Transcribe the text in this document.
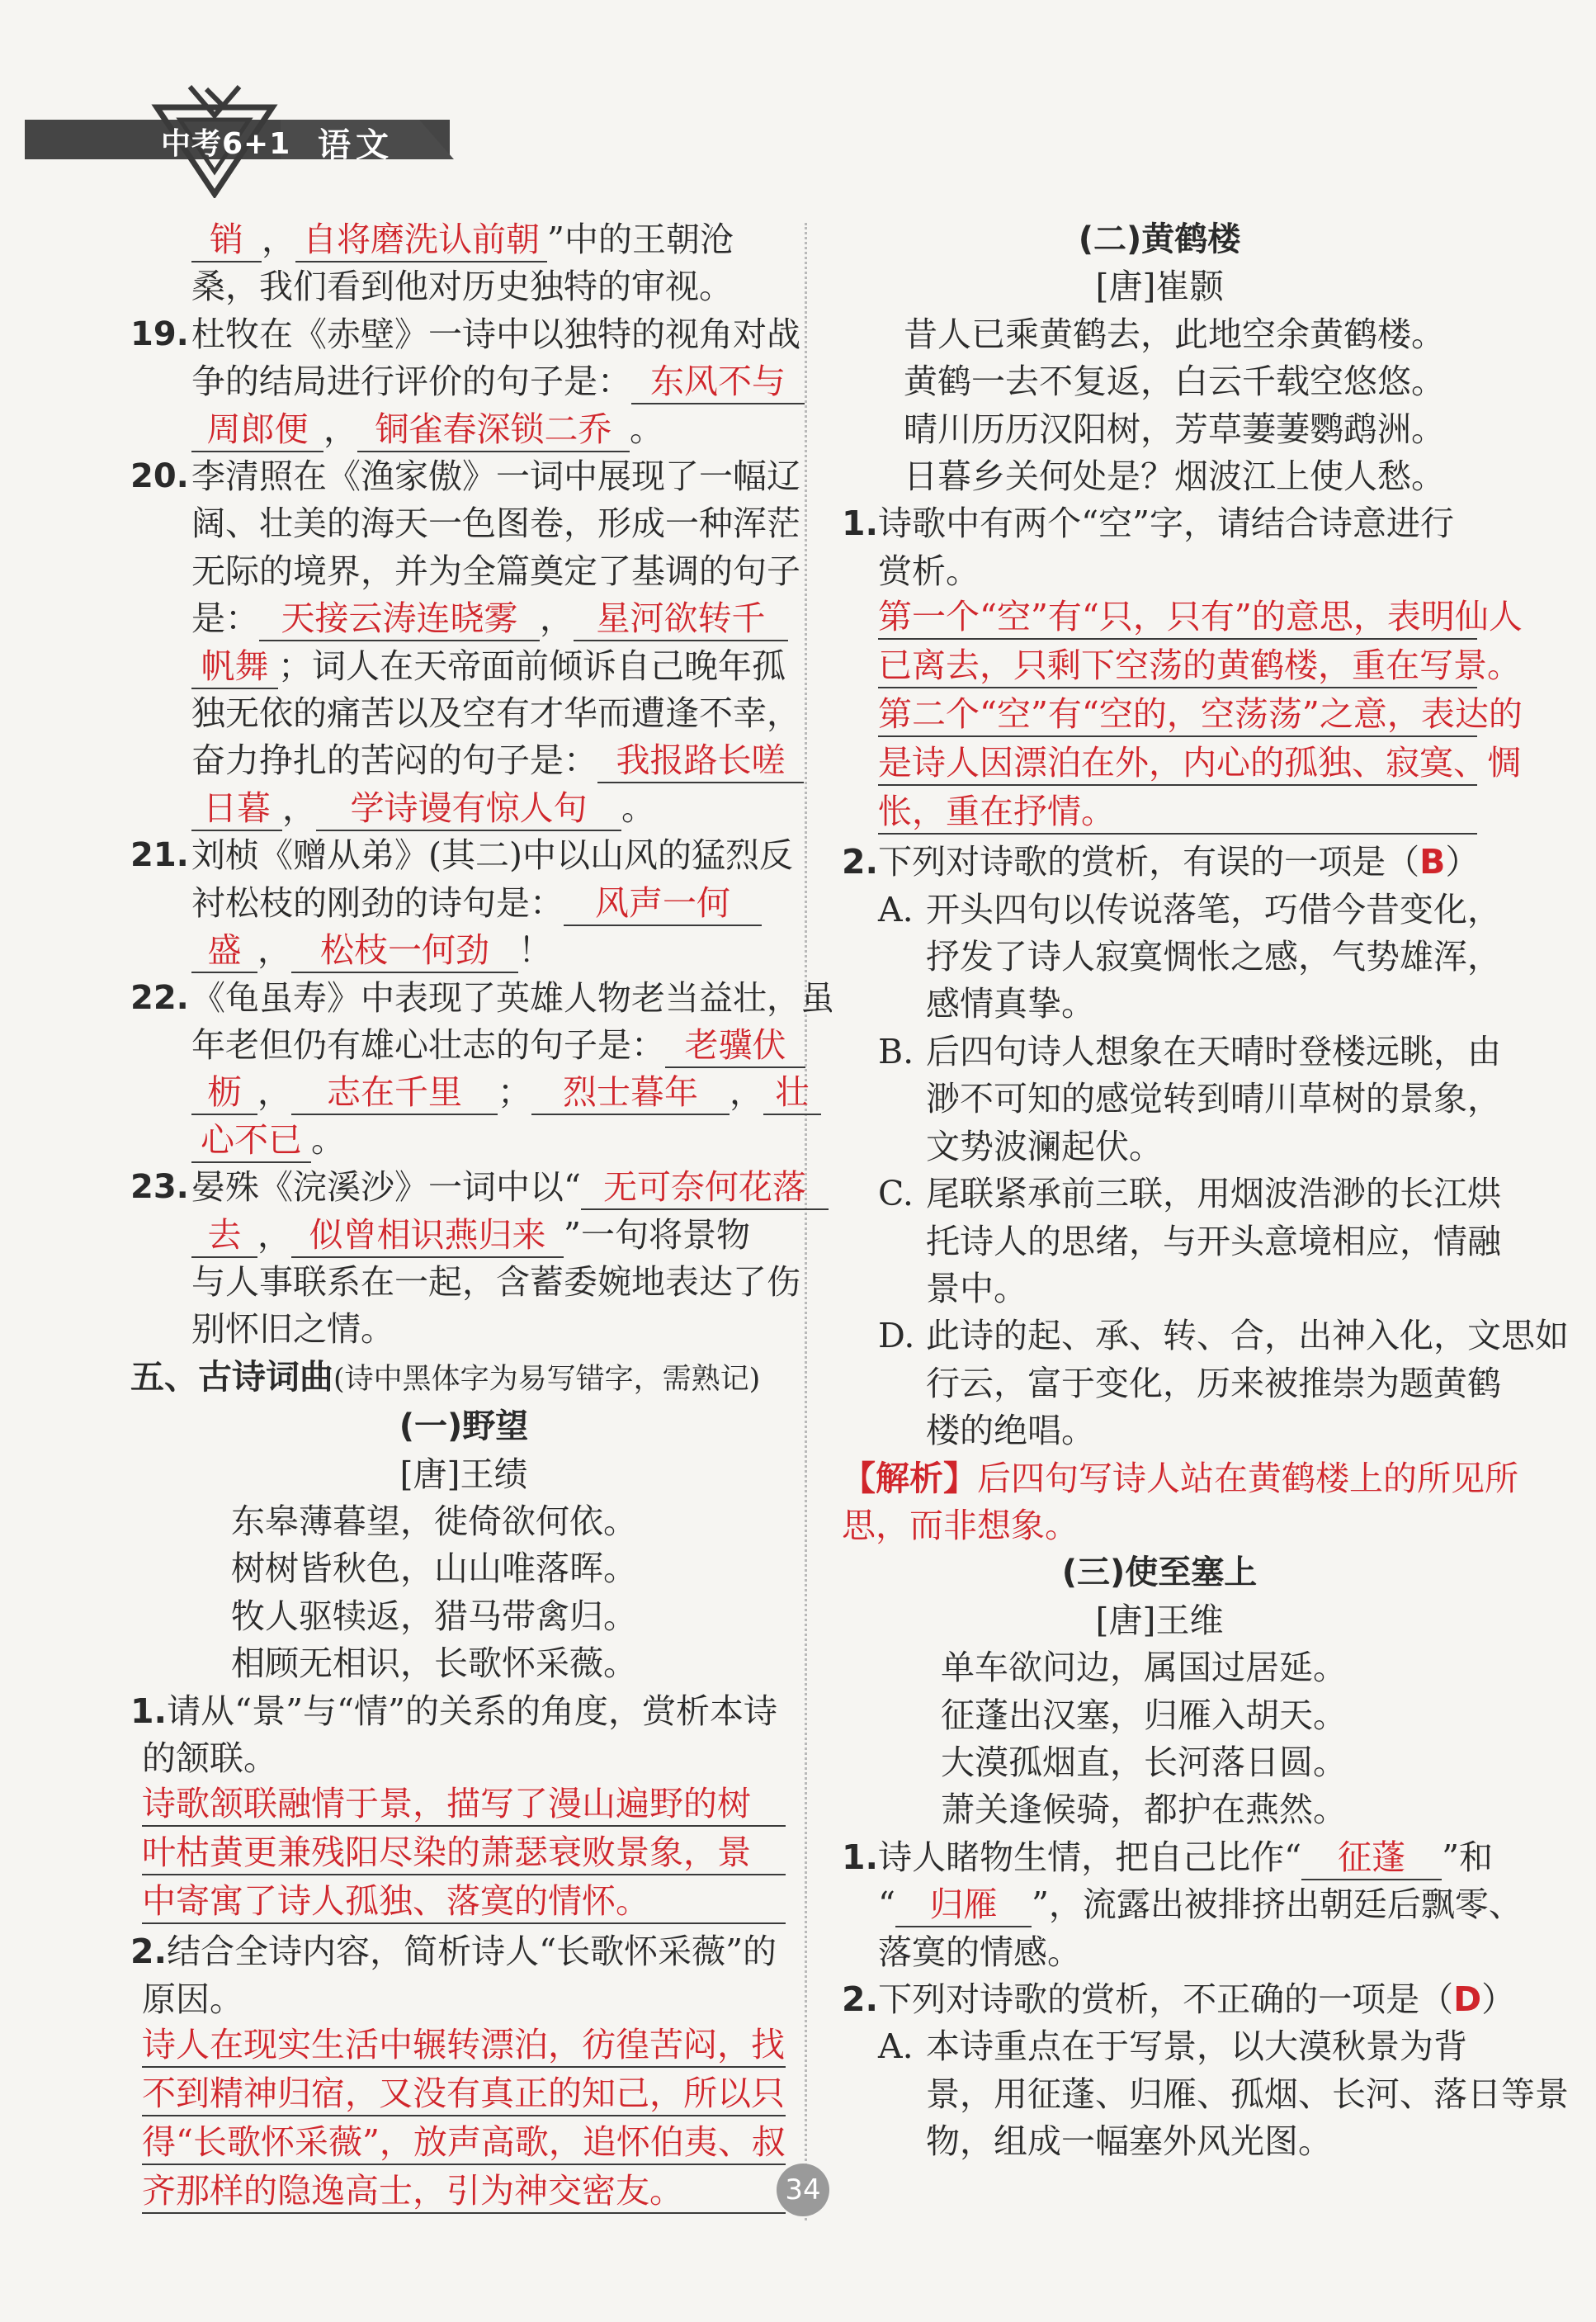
中考6+1 语文
销 ， 自将磨洗认前朝 ”中的王朝沧
桑，我们看到他对历史独特的审视。
19. 杜牧在《赤壁》一诗中以独特的视角对战
争的结局进行评价的句子是： 东风不与
周郎便 ， 铜雀春深锁二乔 。
20. 李清照在《渔家傲》一词中展现了一幅辽
阔、壮美的海天一色图卷，形成一种浑茫
无际的境界，并为全篇奠定了基调的句子
是： 天接云涛连晓雾 ， 星河欲转千
帆舞 ；词人在天帝面前倾诉自己晚年孤
独无依的痛苦以及空有才华而遭逢不幸，
奋力挣扎的苦闷的句子是： 我报路长嗟
日暮 ， 学诗谩有惊人句 。
21. 刘桢《赠从弟》(其二)中以山风的猛烈反
衬松枝的刚劲的诗句是： 风声一何
盛 ， 松枝一何劲 ！
22. 《龟虽寿》中表现了英雄人物老当益壮，虽
年老但仍有雄心壮志的句子是： 老骥伏
枥 ， 志在千里 ； 烈士暮年 ， 壮
心不已 。
23. 晏殊《浣溪沙》一词中以“ 无可奈何花落
去 ， 似曾相识燕归来 ”一句将景物
与人事联系在一起，含蓄委婉地表达了伤
别怀旧之情。
五、古诗词曲(诗中黑体字为易写错字，需熟记)
(一)野望
[唐]王绩
东皋薄暮望，徙倚欲何依。
树树皆秋色，山山唯落晖。
牧人驱犊返，猎马带禽归。
相顾无相识，长歌怀采薇。
1.请从“景”与“情”的关系的角度，赏析本诗
的颔联。
诗歌颔联融情于景，描写了漫山遍野的树
叶枯黄更兼残阳尽染的萧瑟衰败景象，景
中寄寓了诗人孤独、落寞的情怀。
2.结合全诗内容，简析诗人“长歌怀采薇”的
原因。
诗人在现实生活中辗转漂泊，彷徨苦闷，找
不到精神归宿，又没有真正的知己，所以只
得“长歌怀采薇”，放声高歌，追怀伯夷、叔
齐那样的隐逸高士，引为神交密友。
(二)黄鹤楼
[唐]崔颢
昔人已乘黄鹤去，此地空余黄鹤楼。
黄鹤一去不复返，白云千载空悠悠。
晴川历历汉阳树，芳草萋萋鹦鹉洲。
日暮乡关何处是？烟波江上使人愁。
1.诗歌中有两个“空”字，请结合诗意进行
赏析。
第一个“空”有“只，只有”的意思，表明仙人
已离去，只剩下空荡的黄鹤楼，重在写景。
第二个“空”有“空的，空荡荡”之意，表达的
是诗人因漂泊在外，内心的孤独、寂寞、惆
怅，重在抒情。
2.下列对诗歌的赏析，有误的一项是（B）
A. 开头四句以传说落笔，巧借今昔变化，
抒发了诗人寂寞惆怅之感，气势雄浑，
感情真挚。
B. 后四句诗人想象在天晴时登楼远眺，由
渺不可知的感觉转到晴川草树的景象，
文势波澜起伏。
C. 尾联紧承前三联，用烟波浩渺的长江烘
托诗人的思绪，与开头意境相应，情融
景中。
D. 此诗的起、承、转、合，出神入化，文思如
行云，富于变化，历来被推崇为题黄鹤
楼的绝唱。
【解析】后四句写诗人站在黄鹤楼上的所见所
思，而非想象。
(三)使至塞上
[唐]王维
单车欲问边，属国过居延。
征蓬出汉塞，归雁入胡天。
大漠孤烟直，长河落日圆。
萧关逢候骑，都护在燕然。
1.诗人睹物生情，把自己比作“ 征蓬 ”和
“ 归雁 ”，流露出被排挤出朝廷后飘零、
落寞的情感。
2.下列对诗歌的赏析，不正确的一项是（D）
A. 本诗重点在于写景，以大漠秋景为背
景，用征蓬、归雁、孤烟、长河、落日等景
物，组成一幅塞外风光图。
34
